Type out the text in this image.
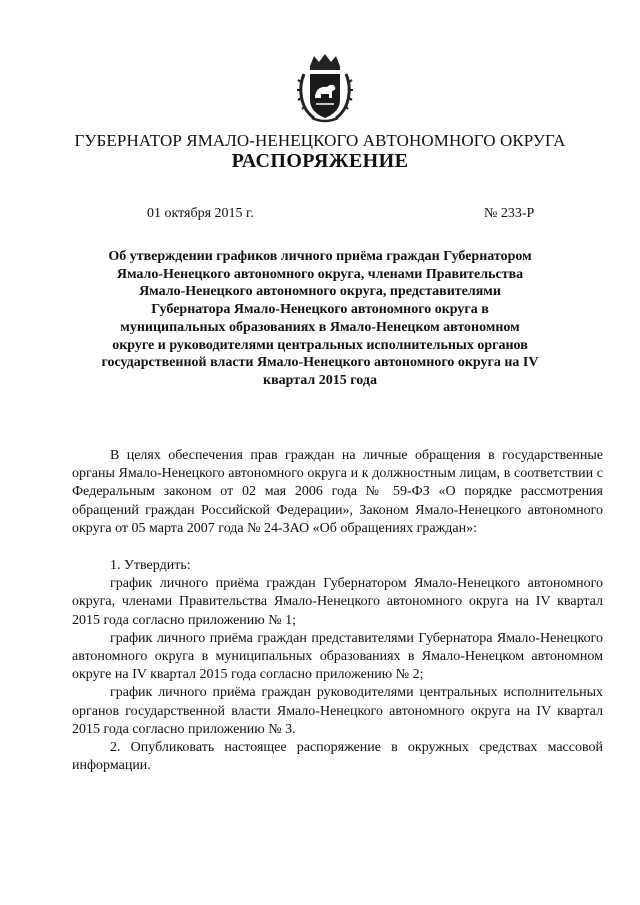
ГУБЕРНАТОР ЯМАЛО-НЕНЕЦКОГО АВТОНОМНОГО ОКРУГА
РАСПОРЯЖЕНИЕ
01 октября 2015 г.	№ 233-Р
Об утверждении графиков личного приёма граждан Губернатором Ямало-Ненецкого автономного округа, членами Правительства Ямало-Ненецкого автономного округа, представителями Губернатора Ямало-Ненецкого автономного округа в муниципальных образованиях в Ямало-Ненецком автономном округе и руководителями центральных исполнительных органов государственной власти Ямало-Ненецкого автономного округа на IV квартал 2015 года

В целях обеспечения прав граждан на личные обращения в государственные органы Ямало-Ненецкого автономного округа и к должностным лицам, в соответствии с Федеральным законом от 02 мая 2006 года № 59-ФЗ «О порядке рассмотрения обращений граждан Российской Федерации», Законом Ямало-Ненецкого автономного округа от 05 марта 2007 года № 24-ЗАО «Об обращениях граждан»:

1. Утвердить:

график личного приёма граждан Губернатором Ямало-Ненецкого автономного округа, членами Правительства Ямало-Ненецкого автономного округа на IV квартал 2015 года согласно приложению № 1;

график личного приёма граждан представителями Губернатора Ямало-Ненецкого автономного округа в муниципальных образованиях в Ямало-Ненецком автономном округе на IV квартал 2015 года согласно приложению № 2;

график личного приёма граждан руководителями центральных исполнительных органов государственной власти Ямало-Ненецкого автономного округа на IV квартал 2015 года согласно приложению № 3.

2. Опубликовать настоящее распоряжение в окружных средствах массовой информации.
